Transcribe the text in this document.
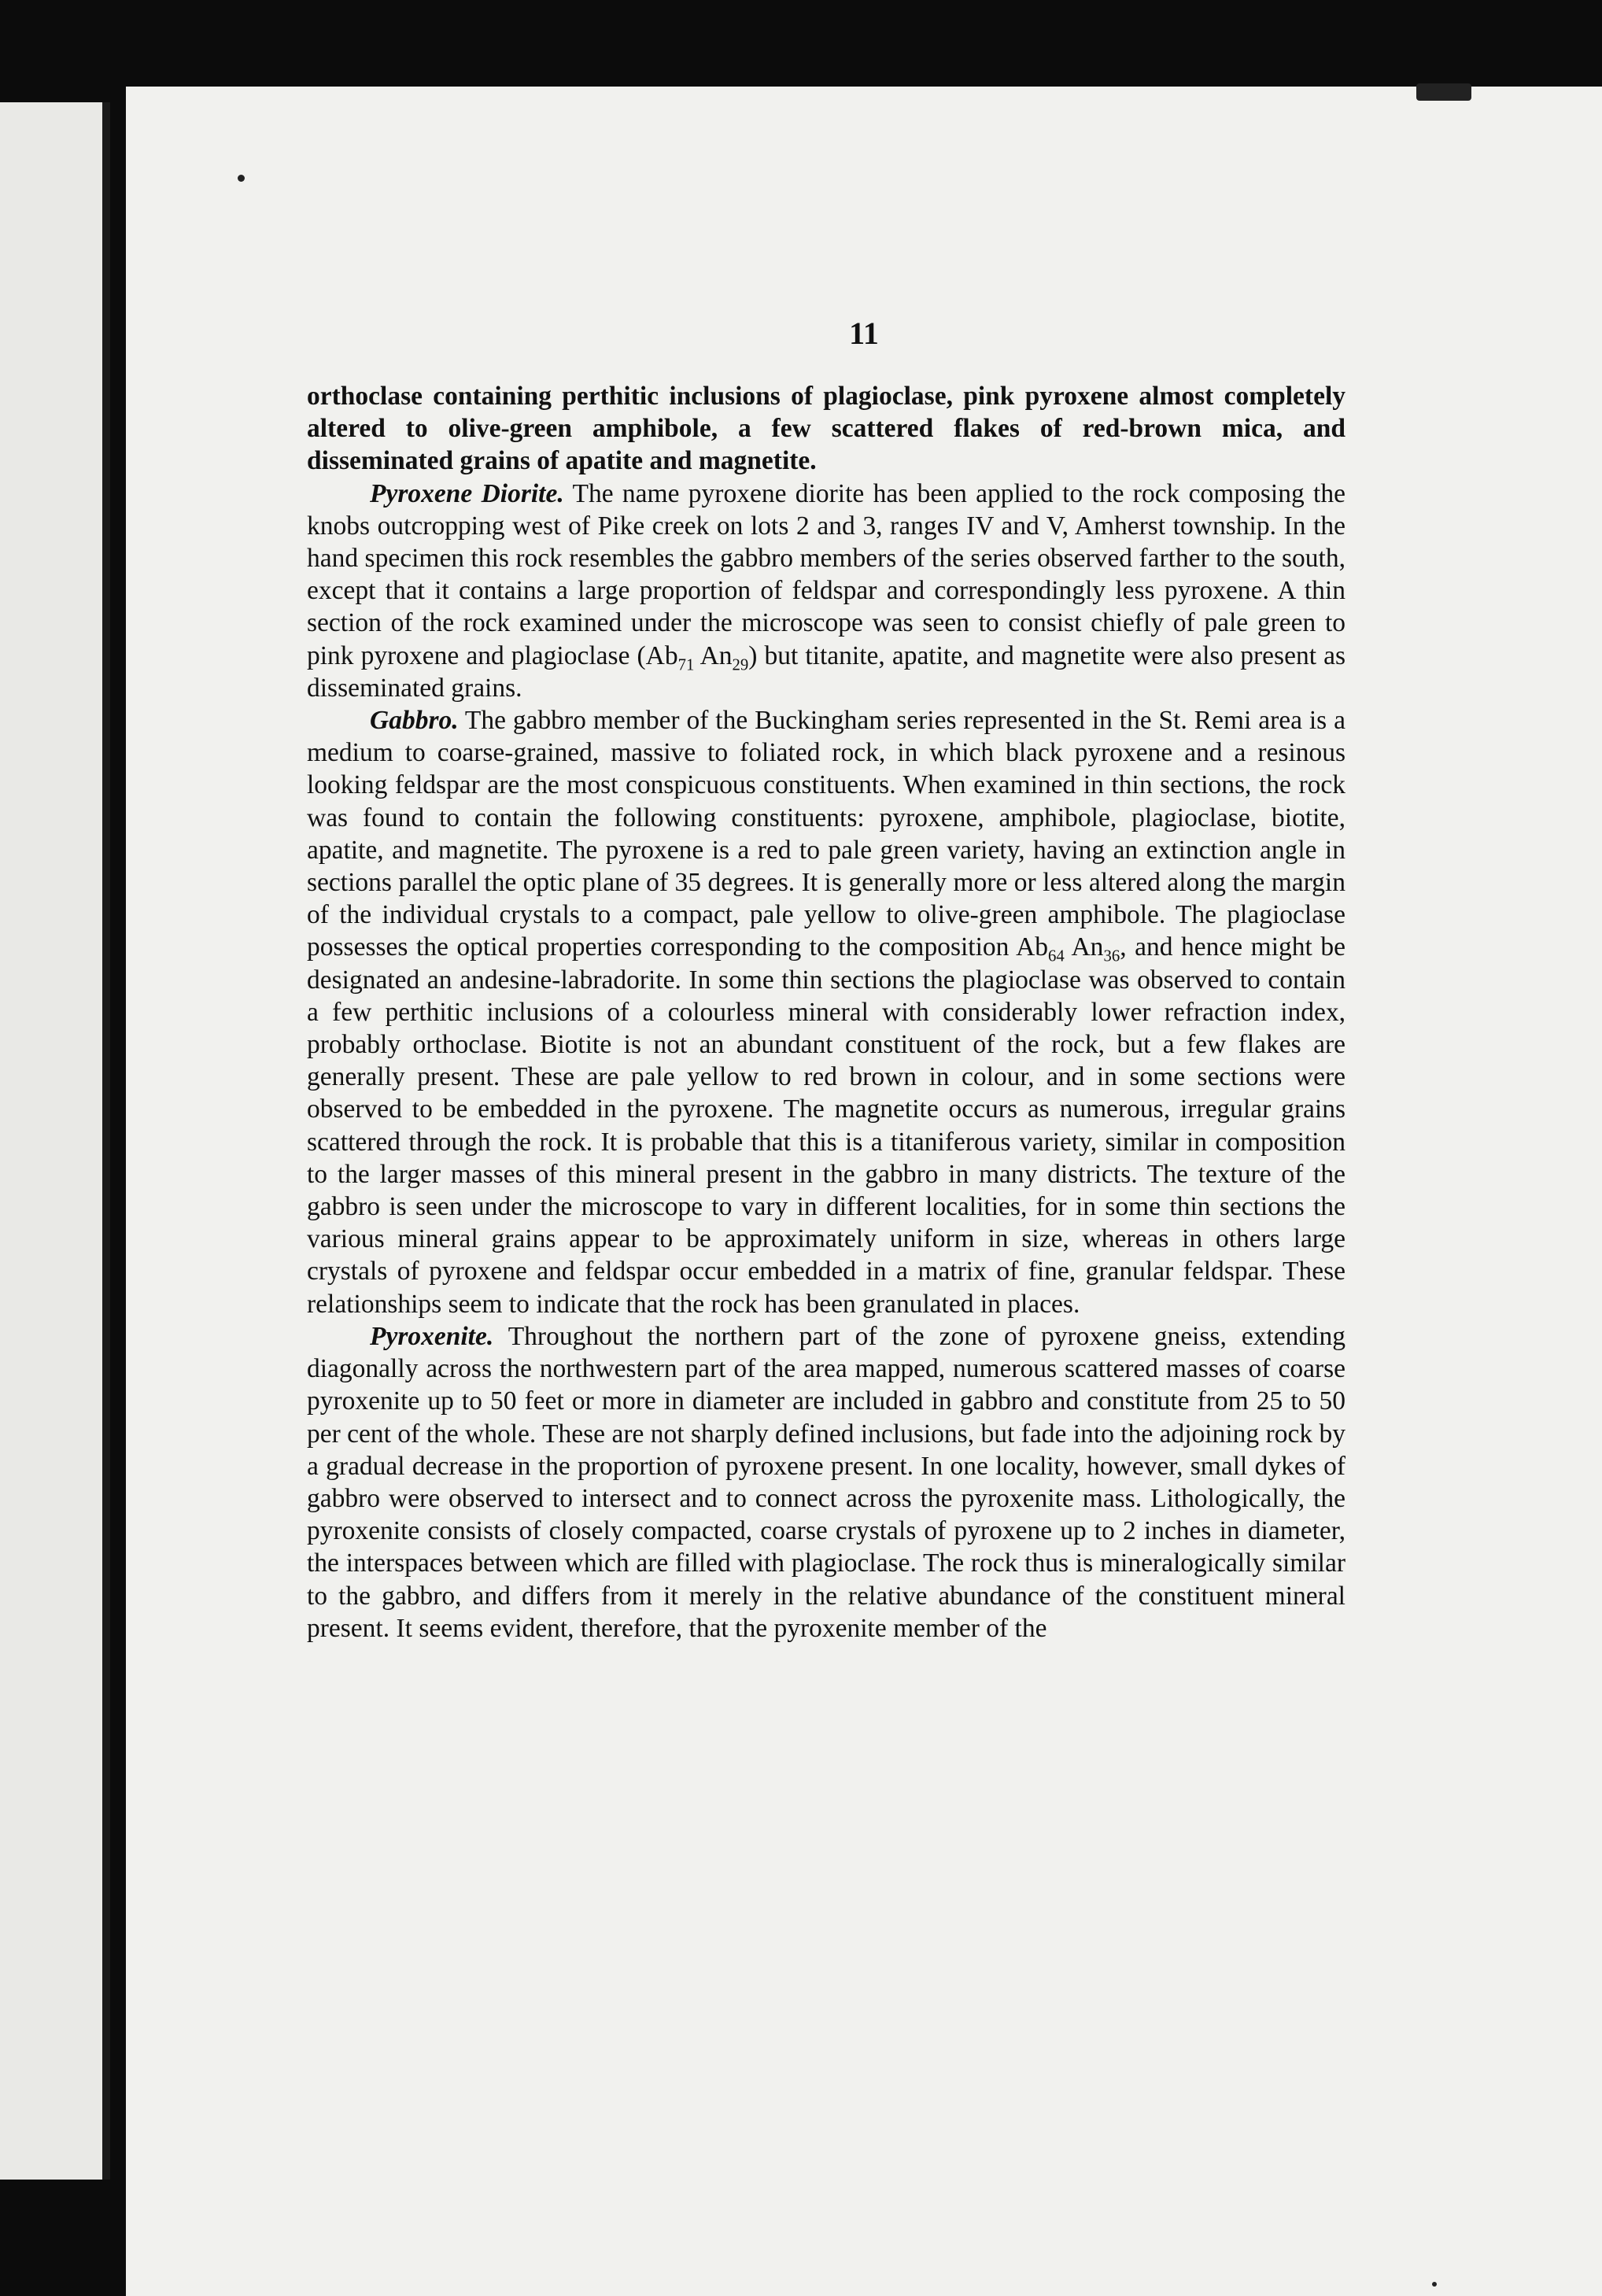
11

orthoclase containing perthitic inclusions of plagioclase, pink pyroxene almost completely altered to olive-green amphibole, a few scattered flakes of red-brown mica, and disseminated grains of apatite and magnetite.

Pyroxene Diorite. The name pyroxene diorite has been applied to the rock composing the knobs outcropping west of Pike creek on lots 2 and 3, ranges IV and V, Amherst township. In the hand specimen this rock resembles the gabbro members of the series observed farther to the south, except that it contains a large proportion of feldspar and correspondingly less pyroxene. A thin section of the rock examined under the microscope was seen to consist chiefly of pale green to pink pyroxene and plagioclase ($Ab_{71}$ $An_{29}$) but titanite, apatite, and magnetite were also present as disseminated grains.

Gabbro. The gabbro member of the Buckingham series represented in the St. Remi area is a medium to coarse-grained, massive to foliated rock, in which black pyroxene and a resinous looking feldspar are the most conspicuous constituents. When examined in thin sections, the rock was found to contain the following constituents: pyroxene, amphibole, plagioclase, biotite, apatite, and magnetite. The pyroxene is a red to pale green variety, having an extinction angle in sections parallel the optic plane of 35 degrees. It is generally more or less altered along the margin of the individual crystals to a compact, pale yellow to olive-green amphibole. The plagioclase possesses the optical properties corresponding to the composition $Ab_{64}$ $An_{36}$, and hence might be designated an andesine-labradorite. In some thin sections the plagioclase was observed to contain a few perthitic inclusions of a colourless mineral with considerably lower refraction index, probably orthoclase. Biotite is not an abundant constituent of the rock, but a few flakes are generally present. These are pale yellow to red brown in colour, and in some sections were observed to be embedded in the pyroxene. The magnetite occurs as numerous, irregular grains scattered through the rock. It is probable that this is a titaniferous variety, similar in composition to the larger masses of this mineral present in the gabbro in many districts. The texture of the gabbro is seen under the microscope to vary in different localities, for in some thin sections the various mineral grains appear to be approximately uniform in size, whereas in others large crystals of pyroxene and feldspar occur embedded in a matrix of fine, granular feldspar. These relationships seem to indicate that the rock has been granulated in places.

Pyroxenite. Throughout the northern part of the zone of pyroxene gneiss, extending diagonally across the northwestern part of the area mapped, numerous scattered masses of coarse pyroxenite up to 50 feet or more in diameter are included in gabbro and constitute from 25 to 50 per cent of the whole. These are not sharply defined inclusions, but fade into the adjoining rock by a gradual decrease in the proportion of pyroxene present. In one locality, however, small dykes of gabbro were observed to intersect and to connect across the pyroxenite mass. Lithologically, the pyroxenite consists of closely compacted, coarse crystals of pyroxene up to 2 inches in diameter, the interspaces between which are filled with plagioclase. The rock thus is mineralogically similar to the gabbro, and differs from it merely in the relative abundance of the constituent mineral present. It seems evident, therefore, that the pyroxenite member of the
